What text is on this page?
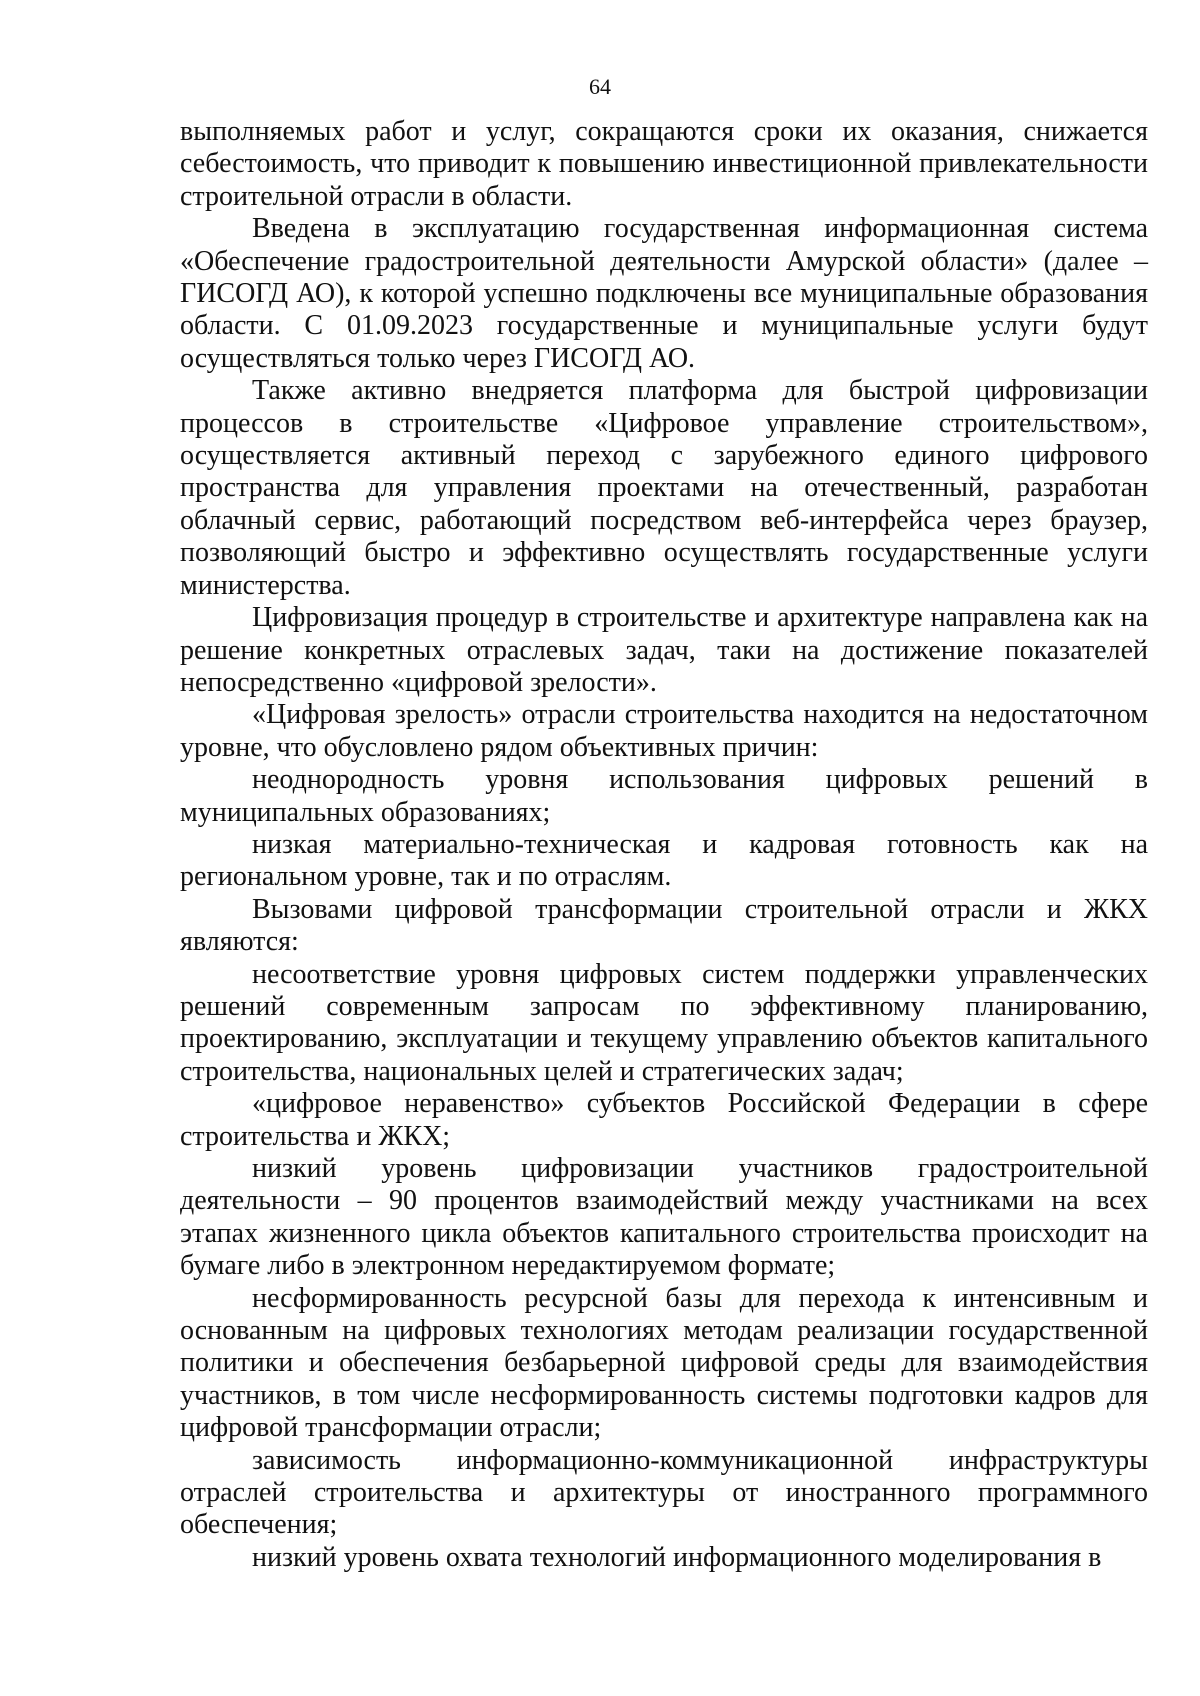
64

выполняемых работ и услуг, сокращаются сроки их оказания, снижается себестоимость, что приводит к повышению инвестиционной привлекательности строительной отрасли в области.

Введена в эксплуатацию государственная информационная система «Обеспечение градостроительной деятельности Амурской области» (далее – ГИСОГД АО), к которой успешно подключены все муниципальные образования области. С 01.09.2023 государственные и муниципальные услуги будут осуществляться только через ГИСОГД АО.

Также активно внедряется платформа для быстрой цифровизации процессов в строительстве «Цифровое управление строительством», осуществляется активный переход с зарубежного единого цифрового пространства для управления проектами на отечественный, разработан облачный сервис, работающий посредством веб-интерфейса через браузер, позволяющий быстро и эффективно осуществлять государственные услуги министерства.

Цифровизация процедур в строительстве и архитектуре направлена как на решение конкретных отраслевых задач, таки на достижение показателей непосредственно «цифровой зрелости».

«Цифровая зрелость» отрасли строительства находится на недостаточном уровне, что обусловлено рядом объективных причин:

неоднородность уровня использования цифровых решений в муниципальных образованиях;

низкая материально-техническая и кадровая готовность как на региональном уровне, так и по отраслям.

Вызовами цифровой трансформации строительной отрасли и ЖКХ являются:

несоответствие уровня цифровых систем поддержки управленческих решений современным запросам по эффективному планированию, проектированию, эксплуатации и текущему управлению объектов капитального строительства, национальных целей и стратегических задач;

«цифровое неравенство» субъектов Российской Федерации в сфере строительства и ЖКХ;

низкий уровень цифровизации участников градостроительной деятельности – 90 процентов взаимодействий между участниками на всех этапах жизненного цикла объектов капитального строительства происходит на бумаге либо в электронном нередактируемом формате;

несформированность ресурсной базы для перехода к интенсивным и основанным на цифровых технологиях методам реализации государственной политики и обеспечения безбарьерной цифровой среды для взаимодействия участников, в том числе несформированность системы подготовки кадров для цифровой трансформации отрасли;

зависимость информационно-коммуникационной инфраструктуры отраслей строительства и архитектуры от иностранного программного обеспечения;

низкий уровень охвата технологий информационного моделирования в
